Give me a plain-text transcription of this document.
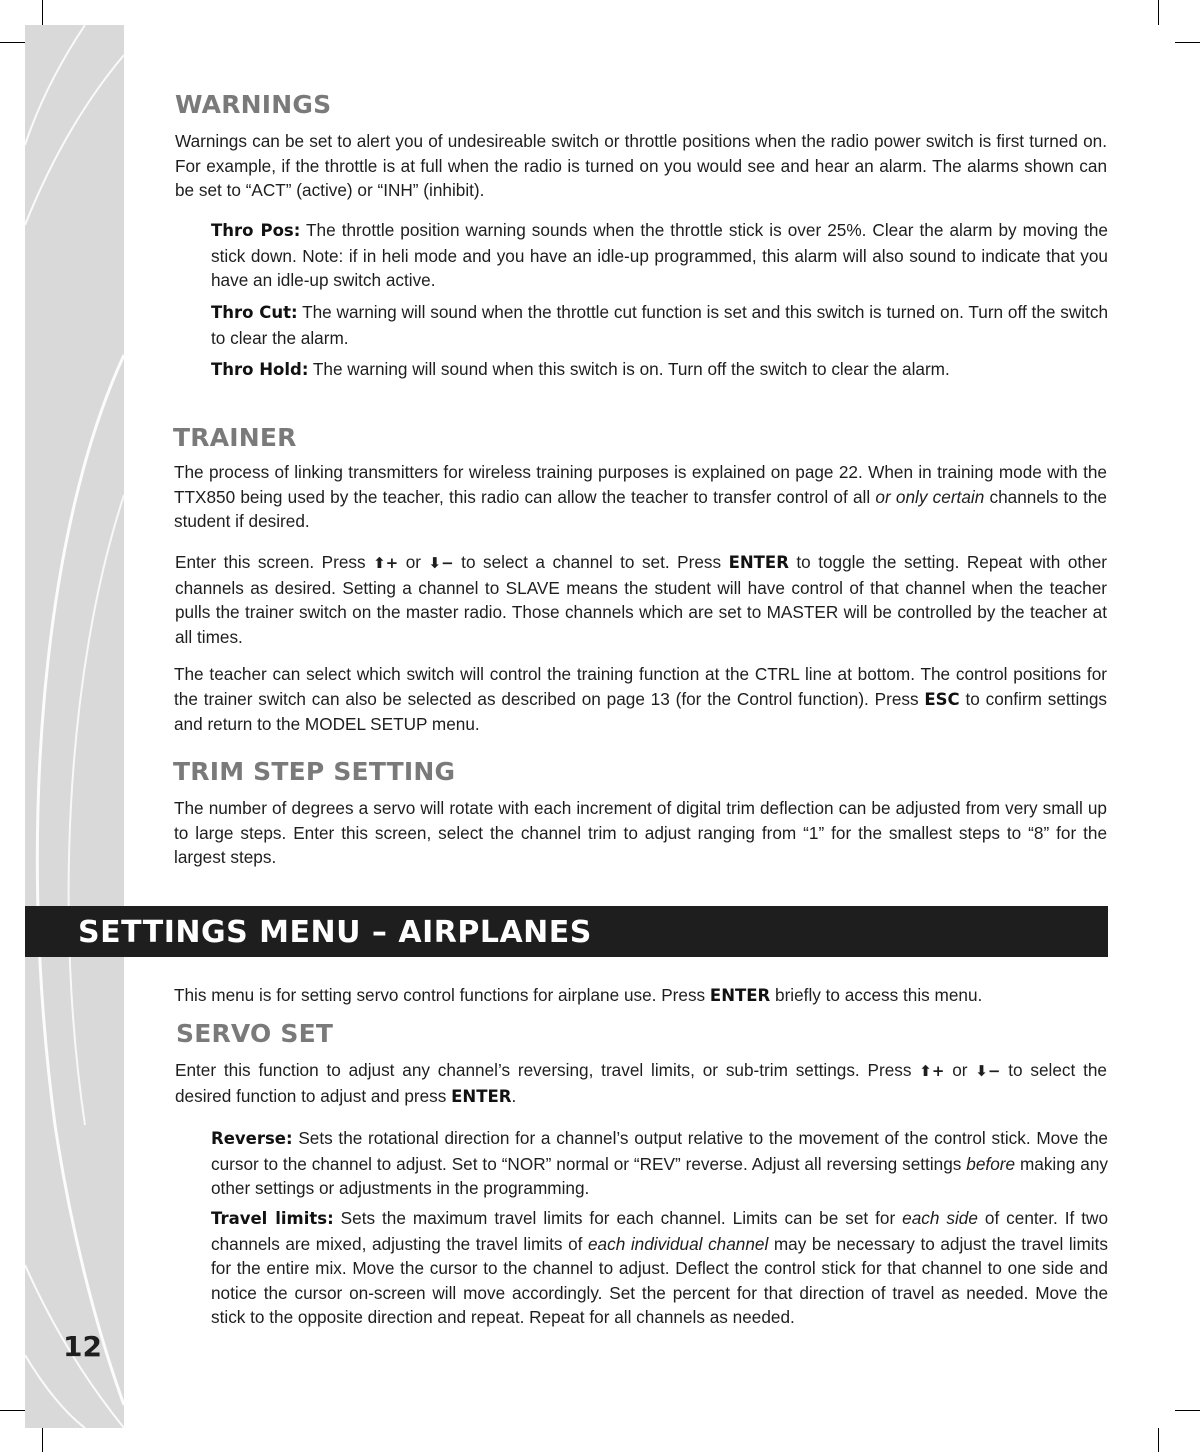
WARNINGS

Warnings can be set to alert you of undesireable switch or throttle positions when the radio power switch is first turned on. For example, if the throttle is at full when the radio is turned on you would see and hear an alarm. The alarms shown can be set to “ACT” (active) or “INH” (inhibit).

Thro Pos: The throttle position warning sounds when the throttle stick is over 25%. Clear the alarm by moving the stick down. Note: if in heli mode and you have an idle-up programmed, this alarm will also sound to indicate that you have an idle-up switch active.

Thro Cut: The warning will sound when the throttle cut function is set and this switch is turned on. Turn off the switch to clear the alarm.

Thro Hold: The warning will sound when this switch is on. Turn off the switch to clear the alarm.

TRAINER

The process of linking transmitters for wireless training purposes is explained on page 22. When in training mode with the TTX850 being used by the teacher, this radio can allow the teacher to transfer control of all or only certain channels to the student if desired.

Enter this screen. Press ⬆+ or ⬇− to select a channel to set. Press ENTER to toggle the setting. Repeat with other channels as desired. Setting a channel to SLAVE means the student will have control of that channel when the teacher pulls the trainer switch on the master radio. Those channels which are set to MASTER will be controlled by the teacher at all times.

The teacher can select which switch will control the training function at the CTRL line at bottom. The control positions for the trainer switch can also be selected as described on page 13 (for the Control function). Press ESC to confirm settings and return to the MODEL SETUP menu.

TRIM STEP SETTING

The number of degrees a servo will rotate with each increment of digital trim deflection can be adjusted from very small up to large steps. Enter this screen, select the channel trim to adjust ranging from “1” for the smallest steps to “8” for the largest steps.

SETTINGS MENU – AIRPLANES

This menu is for setting servo control functions for airplane use. Press ENTER briefly to access this menu.

SERVO SET

Enter this function to adjust any channel’s reversing, travel limits, or sub-trim settings. Press ⬆+ or ⬇− to select the desired function to adjust and press ENTER.

Reverse: Sets the rotational direction for a channel’s output relative to the movement of the control stick. Move the cursor to the channel to adjust. Set to “NOR” normal or “REV” reverse. Adjust all reversing settings before making any other settings or adjustments in the programming.

Travel limits: Sets the maximum travel limits for each channel. Limits can be set for each side of center. If two channels are mixed, adjusting the travel limits of each individual channel may be necessary to adjust the travel limits for the entire mix. Move the cursor to the channel to adjust. Deflect the control stick for that channel to one side and notice the cursor on-screen will move accordingly. Set the percent for that direction of travel as needed. Move the stick to the opposite direction and repeat. Repeat for all channels as needed.

12
